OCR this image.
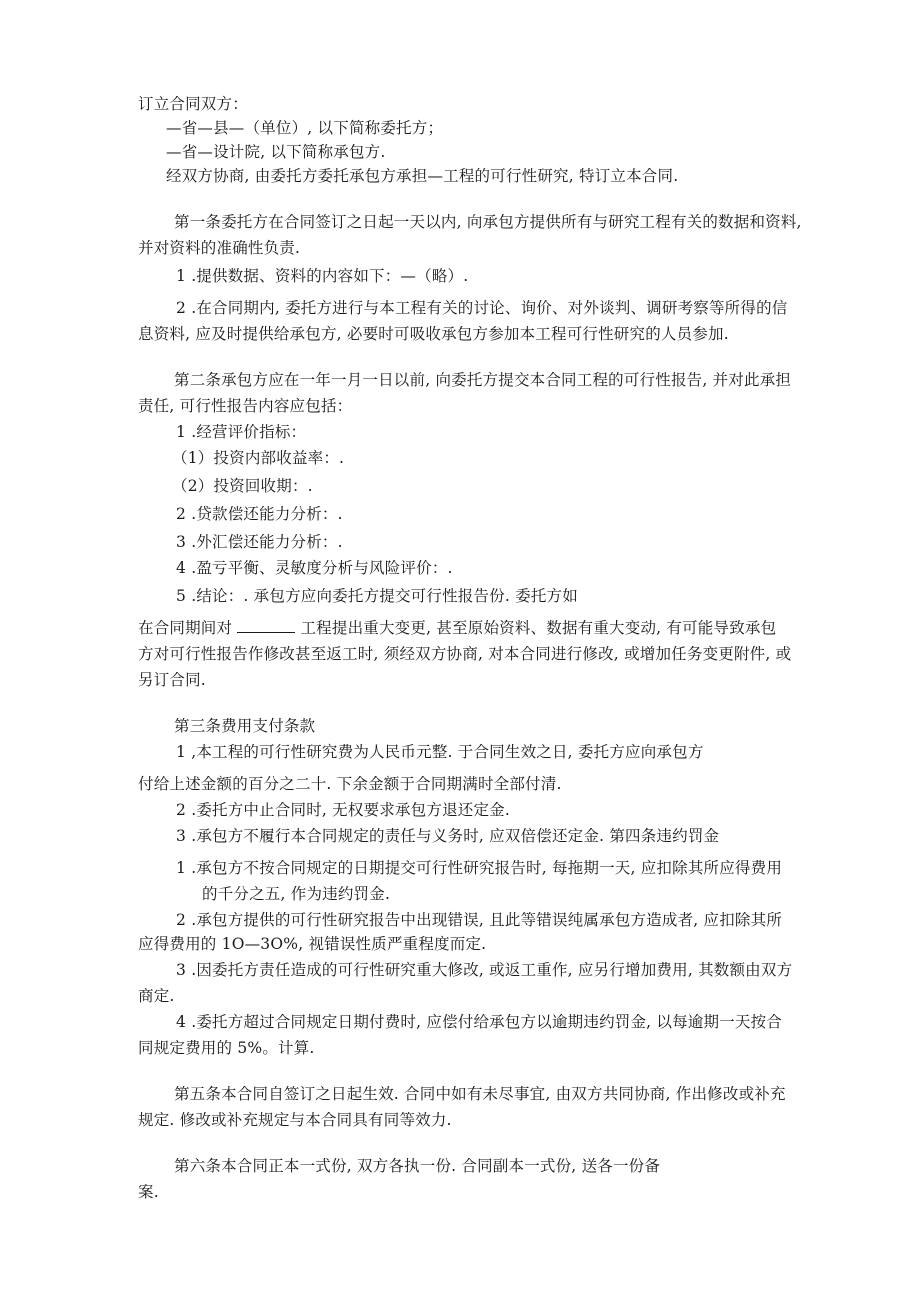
订立合同双方：
—省—县—（单位）, 以下简称委托方；
—省—设计院, 以下简称承包方.
经双方协商, 由委托方委托承包方承担—工程的可行性研究, 特订立本合同.
第一条委托方在合同签订之日起一天以内, 向承包方提供所有与研究工程有关的数据和资料,
并对资料的准确性负责.
1 .提供数据、资料的内容如下：—（略）.
2 .在合同期内, 委托方进行与本工程有关的讨论、询价、对外谈判、调研考察等所得的信
息资料, 应及时提供给承包方, 必要时可吸收承包方参加本工程可行性研究的人员参加.
第二条承包方应在一年一月一日以前, 向委托方提交本合同工程的可行性报告, 并对此承担
责任, 可行性报告内容应包括：
1 .经营评价指标：
（1）投资内部收益率：.
（2）投资回收期：.
2 .贷款偿还能力分析：.
3 .外汇偿还能力分析：.
4 .盈亏平衡、灵敏度分析与风险评价：.
5 .结论：. 承包方应向委托方提交可行性报告份. 委托方如
在合同期间对	工程提出重大变更, 甚至原始资料、数据有重大变动, 有可能导致承包
方对可行性报告作修改甚至返工时, 须经双方协商, 对本合同进行修改, 或增加任务变更附件, 或
另订合同.
第三条费用支付条款
1 ,本工程的可行性研究费为人民币元整. 于合同生效之日, 委托方应向承包方
付给上述金额的百分之二十. 下余金额于合同期满时全部付清.
2 .委托方中止合同时, 无权要求承包方退还定金.
3 .承包方不履行本合同规定的责任与义务时, 应双倍偿还定金. 第四条违约罚金
1 .承包方不按合同规定的日期提交可行性研究报告时, 每拖期一天, 应扣除其所应得费用
的千分之五, 作为违约罚金.
2 .承包方提供的可行性研究报告中出现错误, 且此等错误纯属承包方造成者, 应扣除其所
应得费用的 1O—3O%, 视错误性质严重程度而定.
3 .因委托方责任造成的可行性研究重大修改, 或返工重作, 应另行增加费用, 其数额由双方
商定.
4 .委托方超过合同规定日期付费时, 应偿付给承包方以逾期违约罚金, 以每逾期一天按合
同规定费用的 5%。计算.
第五条本合同自签订之日起生效. 合同中如有未尽事宜, 由双方共同协商, 作出修改或补充
规定. 修改或补充规定与本合同具有同等效力.
第六条本合同正本一式份, 双方各执一份. 合同副本一式份, 送各一份备
案.
